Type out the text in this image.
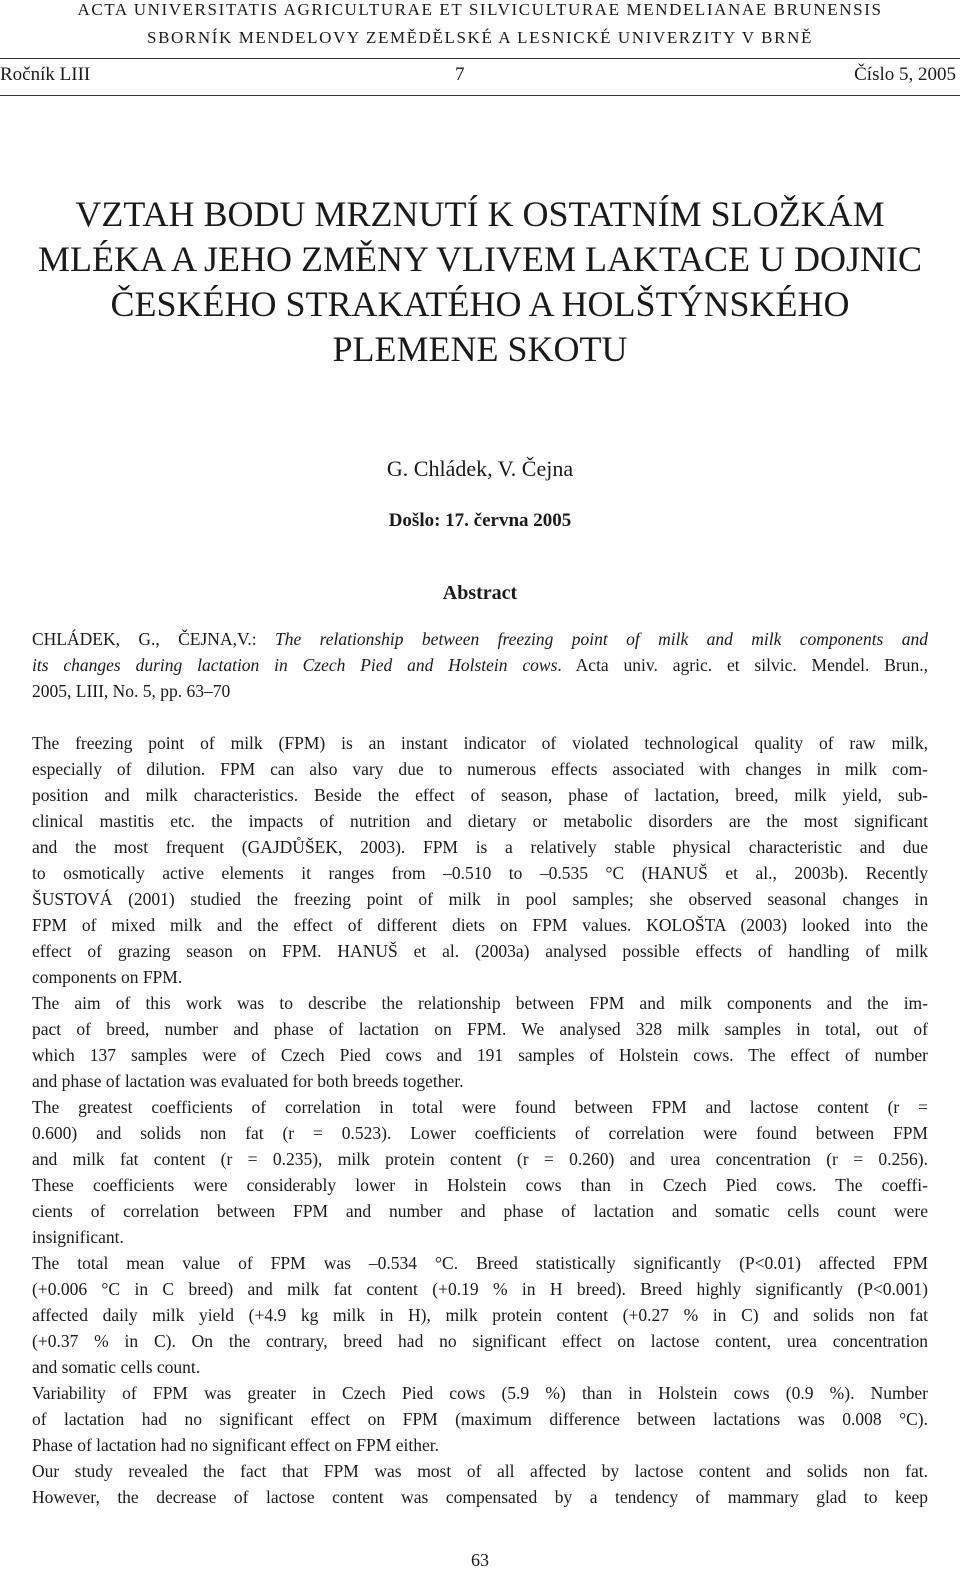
ACTA UNIVERSITATIS AGRICULTURAE ET SILVICULTURAE MENDELIANAE BRUNENSIS
SBORNÍK MENDELOVY ZEMĚDĚLSKÉ A LESNICKÉ UNIVERZITY V BRNĚ
Ročník LIII	7	Číslo 5, 2005
VZTAH BODU MRZNUTÍ K OSTATNÍM SLOŽKÁM
MLÉKA A JEHO ZMĚNY VLIVEM LAKTACE U DOJNIC
ČESKÉHO STRAKATÉHO A HOLŠTÝNSKÉHO
PLEMENE SKOTU
G. Chládek, V. Čejna
Došlo: 17. června 2005
Abstract
CHLÁDEK, G., ČEJNA,V.: The relationship between freezing point of milk and milk components and
its changes during lactation in Czech Pied and Holstein cows. Acta univ. agric. et silvic. Mendel. Brun.,
2005, LIII, No. 5, pp. 63–70
The freezing point of milk (FPM) is an instant indicator of violated technological quality of raw milk,
especially of dilution. FPM can also vary due to numerous effects associated with changes in milk com-
position and milk characteristics. Beside the effect of season, phase of lactation, breed, milk yield, sub-
clinical mastitis etc. the impacts of nutrition and dietary or metabolic disorders are the most significant
and the most frequent (GAJDŮŠEK, 2003). FPM is a relatively stable physical characteristic and due
to osmotically active elements it ranges from –0.510 to –0.535 °C (HANUŠ et al., 2003b). Recently
ŠUSTOVÁ (2001) studied the freezing point of milk in pool samples; she observed seasonal changes in
FPM of mixed milk and the effect of different diets on FPM values. KOLOŠTA (2003) looked into the
effect of grazing season on FPM. HANUŠ et al. (2003a) analysed possible effects of handling of milk
components on FPM.
The aim of this work was to describe the relationship between FPM and milk components and the im-
pact of breed, number and phase of lactation on FPM. We analysed 328 milk samples in total, out of
which 137 samples were of Czech Pied cows and 191 samples of Holstein cows. The effect of number
and phase of lactation was evaluated for both breeds together.
The greatest coefficients of correlation in total were found between FPM and lactose content (r =
0.600) and solids non fat (r = 0.523). Lower coefficients of correlation were found between FPM
and milk fat content (r = 0.235), milk protein content (r = 0.260) and urea concentration (r = 0.256).
These coefficients were considerably lower in Holstein cows than in Czech Pied cows. The coeffi-
cients of correlation between FPM and number and phase of lactation and somatic cells count were
insignificant.
The total mean value of FPM was –0.534 °C. Breed statistically significantly (P<0.01) affected FPM
(+0.006 °C in C breed) and milk fat content (+0.19 % in H breed). Breed highly significantly (P<0.001)
affected daily milk yield (+4.9 kg milk in H), milk protein content (+0.27 % in C) and solids non fat
(+0.37 % in C). On the contrary, breed had no significant effect on lactose content, urea concentration
and somatic cells count.
Variability of FPM was greater in Czech Pied cows (5.9 %) than in Holstein cows (0.9 %). Number
of lactation had no significant effect on FPM (maximum difference between lactations was 0.008 °C).
Phase of lactation had no significant effect on FPM either.
Our study revealed the fact that FPM was most of all affected by lactose content and solids non fat.
However, the decrease of lactose content was compensated by a tendency of mammary glad to keep
63
